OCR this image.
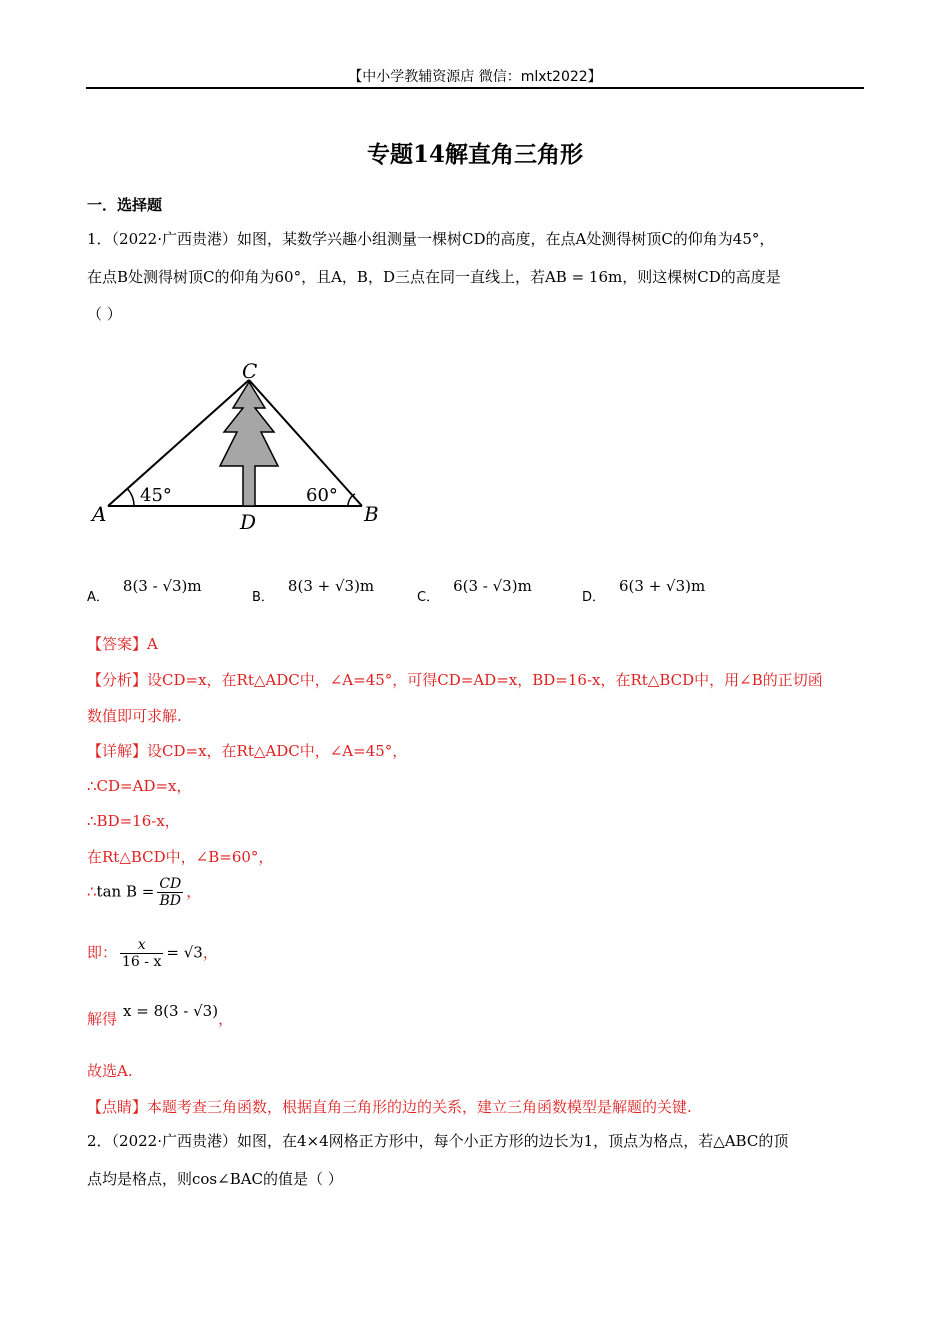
【中小学教辅资源店 微信：mlxt2022】
专题14解直角三角形
一．选择题
1．（2022·广西贵港）如图，某数学兴趣小组测量一棵树CD的高度，在点A处测得树顶C的仰角为45°，
在点B处测得树顶C的仰角为60°，且A，B，D三点在同一直线上，若AB = 16m，则这棵树CD的高度是
（ ）
C
A	B
D
45°	60°
A．8(3 - √3)m
B．8(3 + √3)m
C．6(3 - √3)m
D．6(3 + √3)m
【答案】A
【分析】设CD=x，在Rt△ADC中，∠A=45°，可得CD=AD=x，BD=16-x，在Rt△BCD中，用∠B的正切函
数值即可求解.
【详解】设CD=x，在Rt△ADC中，∠A=45°，
∴CD=AD=x，
∴BD=16-x，
在Rt△BCD中，∠B=60°，
∴tan $B = \frac{CD}{BD}$ ，
即： $\frac{x}{16 - x} = √3$，
解得 x = 8(3 - √3)，
故选A.
【点睛】本题考查三角函数，根据直角三角形的边的关系，建立三角函数模型是解题的关键.
2．（2022·广西贵港）如图，在4×4网格正方形中，每个小正方形的边长为1，顶点为格点，若△ABC的顶
点均是格点，则cos∠BAC的值是（ ）
